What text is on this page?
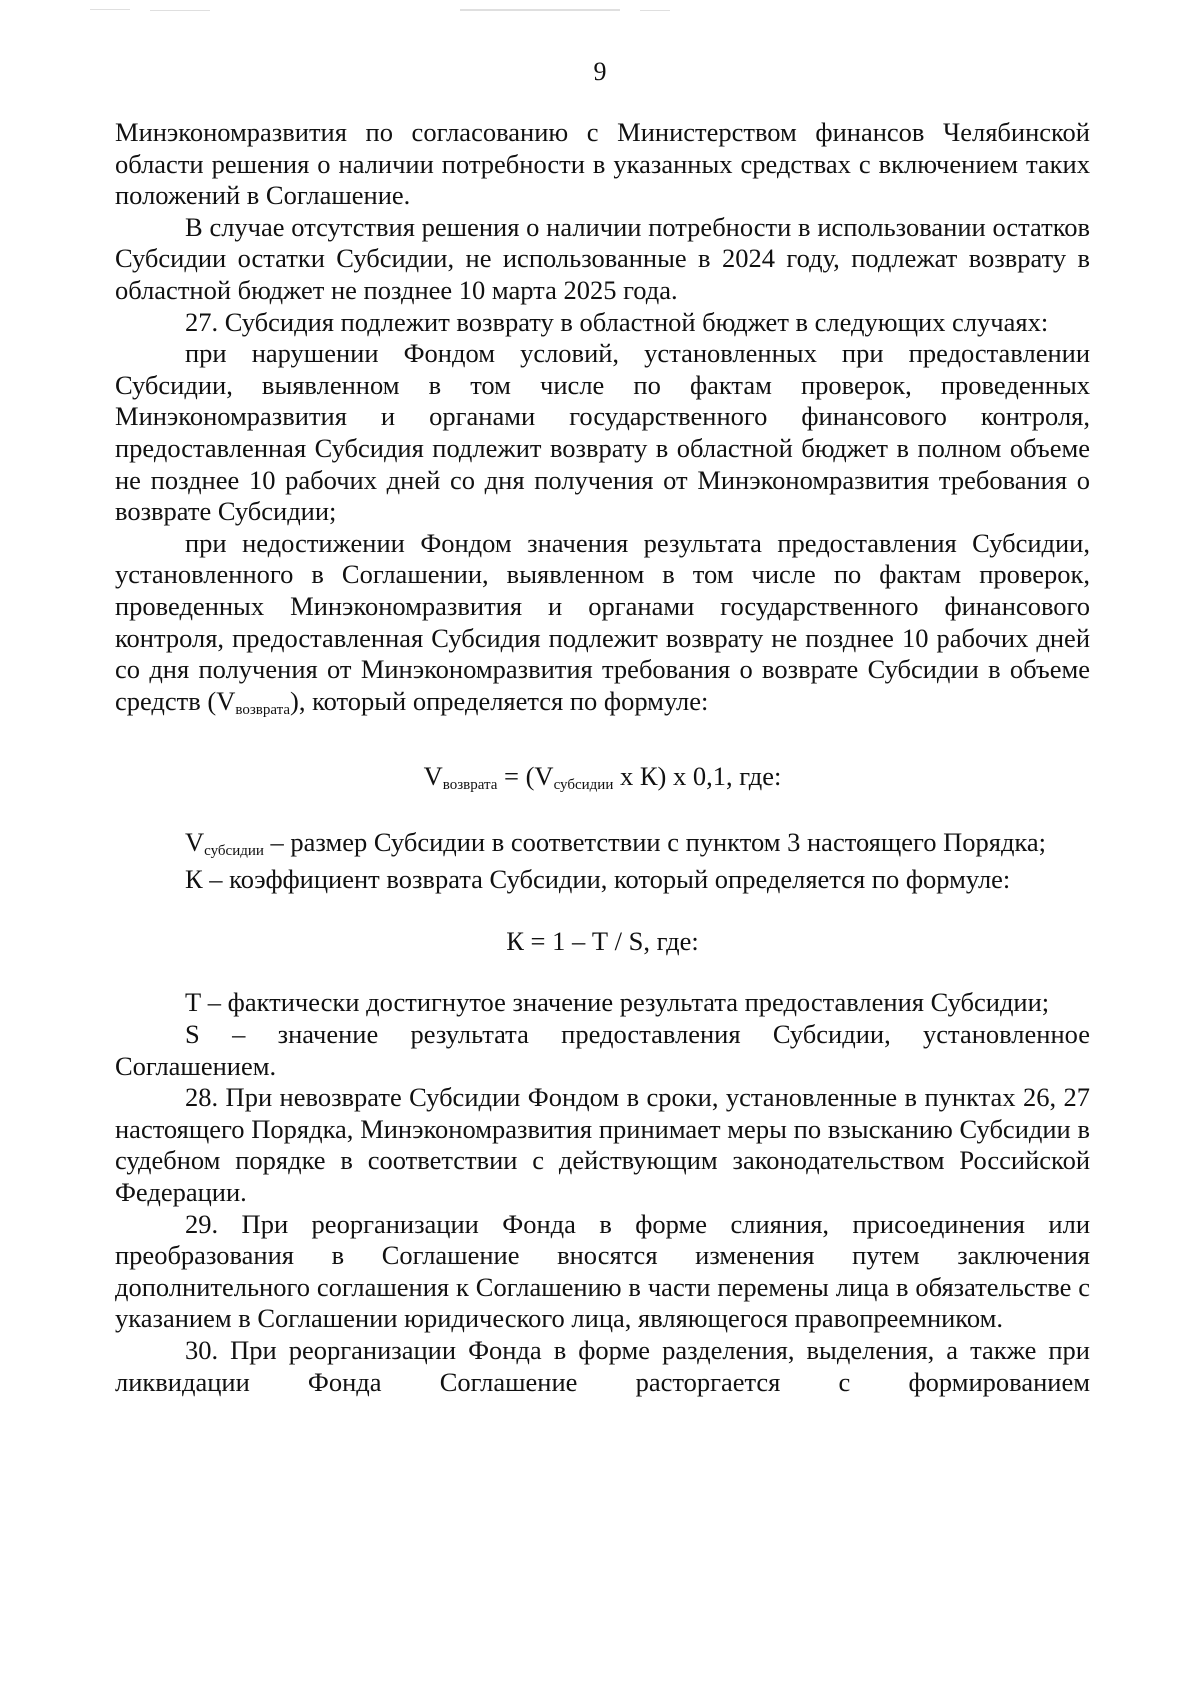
9

Минэкономразвития по согласованию с Министерством финансов Челябинской области решения о наличии потребности в указанных средствах с включением таких положений в Соглашение.

В случае отсутствия решения о наличии потребности в использовании остатков Субсидии остатки Субсидии, не использованные в 2024 году, подлежат возврату в областной бюджет не позднее 10 марта 2025 года.

27. Субсидия подлежит возврату в областной бюджет в следующих случаях:

при нарушении Фондом условий, установленных при предоставлении Субсидии, выявленном в том числе по фактам проверок, проведенных Минэкономразвития и органами государственного финансового контроля, предоставленная Субсидия подлежит возврату в областной бюджет в полном объеме не позднее 10 рабочих дней со дня получения от Минэкономразвития требования о возврате Субсидии;

при недостижении Фондом значения результата предоставления Субсидии, установленного в Соглашении, выявленном в том числе по фактам проверок, проведенных Минэкономразвития и органами государственного финансового контроля, предоставленная Субсидия подлежит возврату не позднее 10 рабочих дней со дня получения от Минэкономразвития требования о возврате Субсидии в объеме средств (Vвозврата), который определяется по формуле:

Vвозврата = (Vсубсидии x К) x 0,1, где:

Vсубсидии – размер Субсидии в соответствии с пунктом 3 настоящего Порядка;

К – коэффициент возврата Субсидии, который определяется по формуле:

К = 1 – Т / S, где:

Т – фактически достигнутое значение результата предоставления Субсидии;

S – значение результата предоставления Субсидии, установленное Соглашением.

28. При невозврате Субсидии Фондом в сроки, установленные в пунктах 26, 27 настоящего Порядка, Минэкономразвития принимает меры по взысканию Субсидии в судебном порядке в соответствии с действующим законодательством Российской Федерации.

29. При реорганизации Фонда в форме слияния, присоединения или преобразования в Соглашение вносятся изменения путем заключения дополнительного соглашения к Соглашению в части перемены лица в обязательстве с указанием в Соглашении юридического лица, являющегося правопреемником.

30. При реорганизации Фонда в форме разделения, выделения, а также при ликвидации Фонда Соглашение расторгается с формированием
